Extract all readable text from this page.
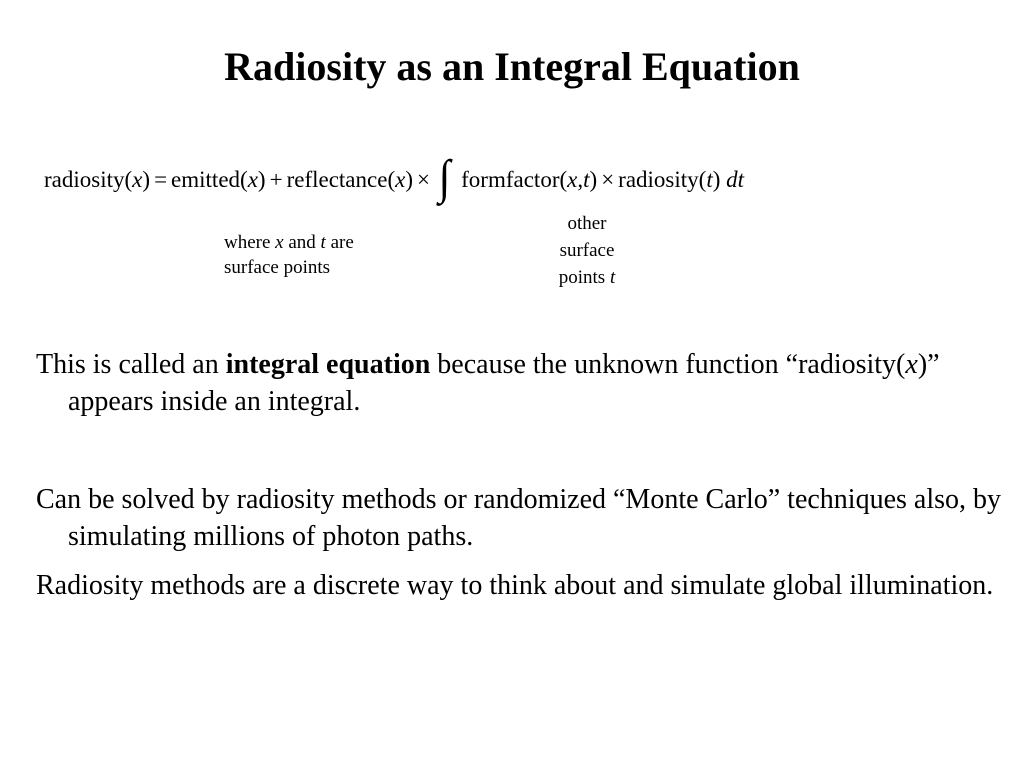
Radiosity as an Integral Equation
radiosity(x) = emitted(x) + reflectance(x) × ∫ formfactor(x,t) × radiosity(t) dt
where x and t are
surface points
other
surface
points t
This is called an integral equation because the unknown function “radiosity(x)” appears inside an integral.
Can be solved by radiosity methods or randomized “Monte Carlo” techniques also, by simulating millions of photon paths.
Radiosity methods are a discrete way to think about and simulate global illumination.
